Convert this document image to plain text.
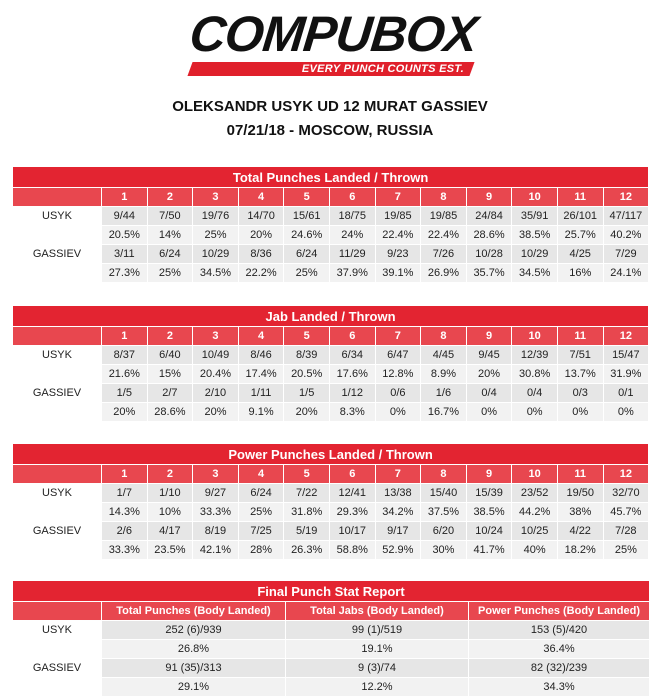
COMPUBOX
EVERY PUNCH COUNTS EST. 1985
OLEKSANDR USYK UD 12 MURAT GASSIEV
07/21/18 - MOSCOW, RUSSIA
Total Punches Landed / Thrown												
	1	2	3	4	5	6	7	8	9	10	11	12
USYK	9/44	7/50	19/76	14/70	15/61	18/75	19/85	19/85	24/84	35/91	26/101	47/117
	20.5%	14%	25%	20%	24.6%	24%	22.4%	22.4%	28.6%	38.5%	25.7%	40.2%
GASSIEV	3/11	6/24	10/29	8/36	6/24	11/29	9/23	7/26	10/28	10/29	4/25	7/29
	27.3%	25%	34.5%	22.2%	25%	37.9%	39.1%	26.9%	35.7%	34.5%	16%	24.1%
Jab Landed / Thrown												
	1	2	3	4	5	6	7	8	9	10	11	12
USYK	8/37	6/40	10/49	8/46	8/39	6/34	6/47	4/45	9/45	12/39	7/51	15/47
	21.6%	15%	20.4%	17.4%	20.5%	17.6%	12.8%	8.9%	20%	30.8%	13.7%	31.9%
GASSIEV	1/5	2/7	2/10	1/11	1/5	1/12	0/6	1/6	0/4	0/4	0/3	0/1
	20%	28.6%	20%	9.1%	20%	8.3%	0%	16.7%	0%	0%	0%	0%
Power Punches Landed / Thrown												
	1	2	3	4	5	6	7	8	9	10	11	12
USYK	1/7	1/10	9/27	6/24	7/22	12/41	13/38	15/40	15/39	23/52	19/50	32/70
	14.3%	10%	33.3%	25%	31.8%	29.3%	34.2%	37.5%	38.5%	44.2%	38%	45.7%
GASSIEV	2/6	4/17	8/19	7/25	5/19	10/17	9/17	6/20	10/24	10/25	4/22	7/28
	33.3%	23.5%	42.1%	28%	26.3%	58.8%	52.9%	30%	41.7%	40%	18.2%	25%
Final Punch Stat Report			
	Total Punches (Body Landed)	Total Jabs (Body Landed)	Power Punches (Body Landed)
USYK	252 (6)/939	99 (1)/519	153 (5)/420
	26.8%	19.1%	36.4%
GASSIEV	91 (35)/313	9 (3)/74	82 (32)/239
	29.1%	12.2%	34.3%
